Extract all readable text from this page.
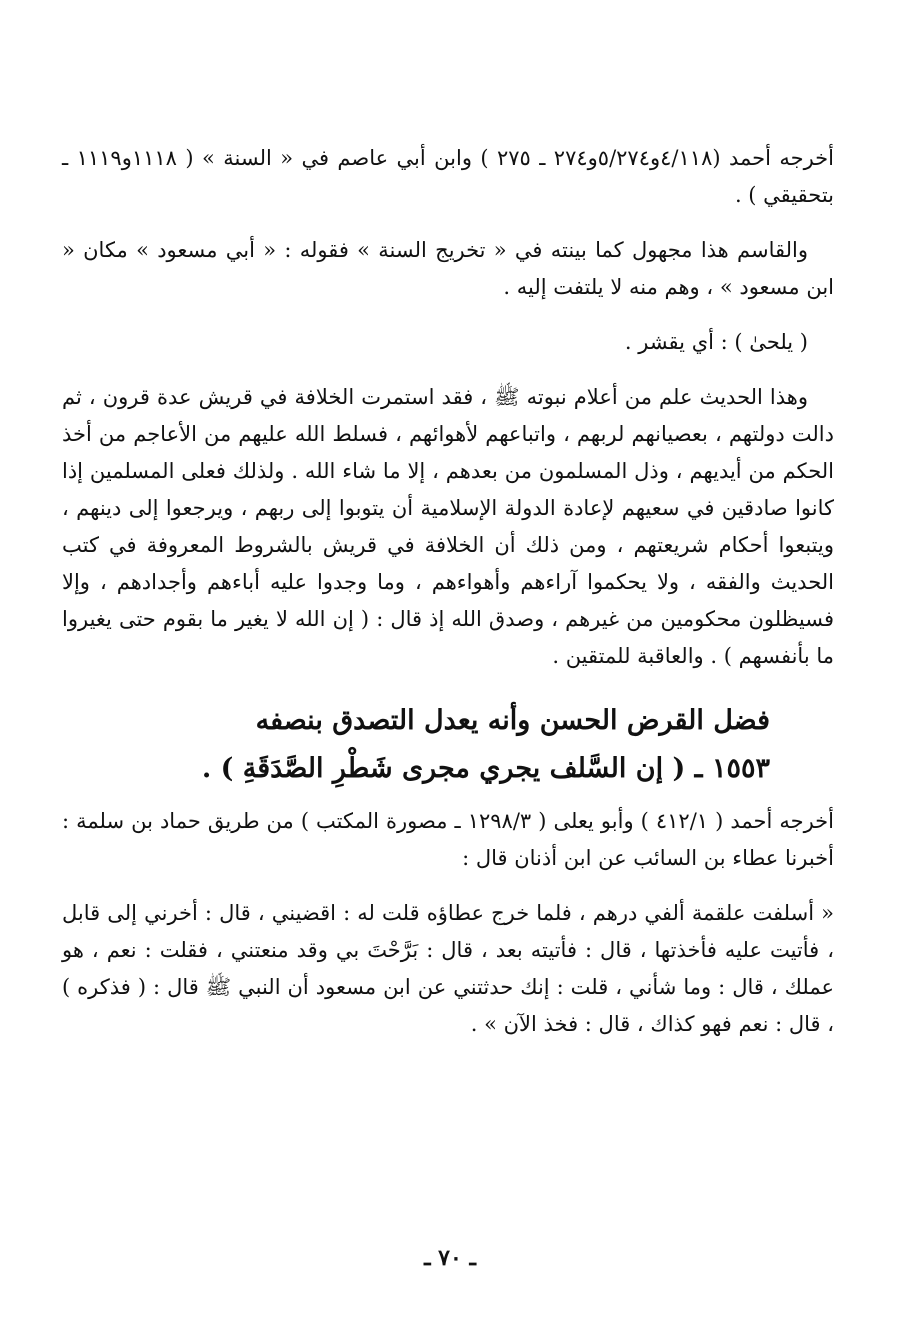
أخرجه أحمد (٤/١١٨و٥/٢٧٤و٢٧٤ ـ ٢٧٥ ) وابن أبي عاصم في « السنة » ( ١١١٨و١١١٩ ـ بتحقيقي ) .

والقاسم هذا مجهول كما بينته في « تخريج السنة » فقوله : « أبي مسعود » مكان « ابن مسعود » ، وهم منه لا يلتفت إليه .

( يلحىٰ ) : أي يقشر .

وهذا الحديث علم من أعلام نبوته ﷺ ، فقد استمرت الخلافة في قريش عدة قرون ، ثم دالت دولتهم ، بعصيانهم لربهم ، واتباعهم لأهوائهم ، فسلط الله عليهم من الأعاجم من أخذ الحكم من أيديهم ، وذل المسلمون من بعدهم ، إلا ما شاء الله . ولذلك فعلى المسلمين إذا كانوا صادقين في سعيهم لإعادة الدولة الإسلامية أن يتوبوا إلى ربهم ، ويرجعوا إلى دينهم ، ويتبعوا أحكام شريعتهم ، ومن ذلك أن الخلافة في قريش بالشروط المعروفة في كتب الحديث والفقه ، ولا يحكموا آراءهم وأهواءهم ، وما وجدوا عليه أباءهم وأجدادهم ، وإلا فسيظلون محكومين من غيرهم ، وصدق الله إذ قال : ( إن الله لا يغير ما بقوم حتى يغيروا ما بأنفسهم ) . والعاقبة للمتقين .

فضل القرض الحسن وأنه يعدل التصدق بنصفه
١٥٥٣ ـ ( إن السَّلف يجري مجرى شَطْرِ الصَّدَقَةِ ) .

أخرجه أحمد ( ٤١٢/١ ) وأبو يعلى ( ١٢٩٨/٣ ـ مصورة المكتب ) من طريق حماد بن سلمة : أخبرنا عطاء بن السائب عن ابن أذنان قال :

« أسلفت علقمة ألفي درهم ، فلما خرج عطاؤه قلت له : اقضيني ، قال : أخرني إلى قابل ، فأتيت عليه فأخذتها ، قال : فأتيته بعد ، قال : بَرَّحْتَ بي وقد منعتني ، فقلت : نعم ، هو عملك ، قال : وما شأني ، قلت : إنك حدثتني عن ابن مسعود أن النبي ﷺ قال : ( فذكره ) ، قال : نعم فهو كذاك ، قال : فخذ الآن » .

ـ ٧٠ ـ
